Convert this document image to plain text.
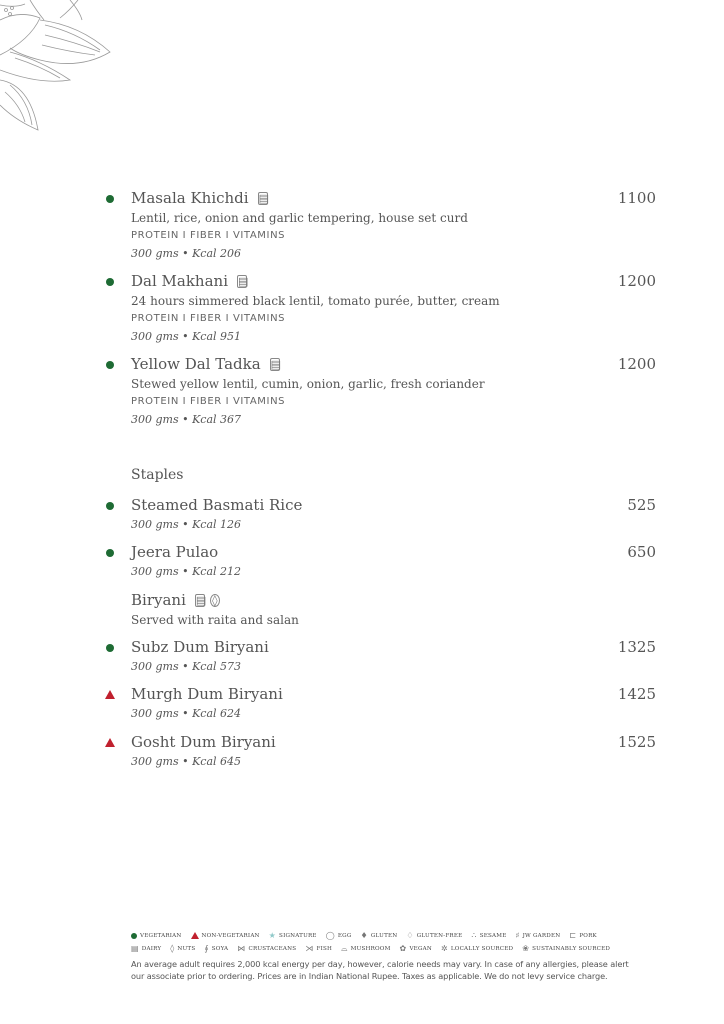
Masala Khichdi ▤	1100
Lentil, rice, onion and garlic tempering, house set curd
PROTEIN I FIBER I VITAMINS
300 gms • Kcal 206
Dal Makhani ▤	1200
24 hours simmered black lentil, tomato purée, butter, cream
PROTEIN I FIBER I VITAMINS
300 gms • Kcal 951
Yellow Dal Tadka ▤	1200
Stewed yellow lentil, cumin, onion, garlic, fresh coriander
PROTEIN I FIBER I VITAMINS
300 gms • Kcal 367
Staples
Steamed Basmati Rice	525
300 gms • Kcal 126
Jeera Pulao	650
300 gms • Kcal 212
Biryani ▤ ◊
Served with raita and salan
Subz Dum Biryani	1325
300 gms • Kcal 573
Murgh Dum Biryani	1425
300 gms • Kcal 624
Gosht Dum Biryani	1525
300 gms • Kcal 645
VEGETARIAN	NON-VEGETARIAN ★ SIGNATURE ◯ EGG ♦ GLUTEN ♢ GLUTEN-FREE ∴ SESAME ♯ JW GARDEN ⊏ PORK
▤ DAIRY ◊ NUTS ∮ SOYA ⋈ CRUSTACEANS ⋊ FISH ⌓ MUSHROOM ✿ VEGAN ✲ LOCALLY SOURCED ❀ SUSTAINABLY SOURCED
An average adult requires 2,000 kcal energy per day, however, calorie needs may vary. In case of any allergies, please alert our associate prior to ordering. Prices are in Indian National Rupee. Taxes as applicable. We do not levy service charge.
